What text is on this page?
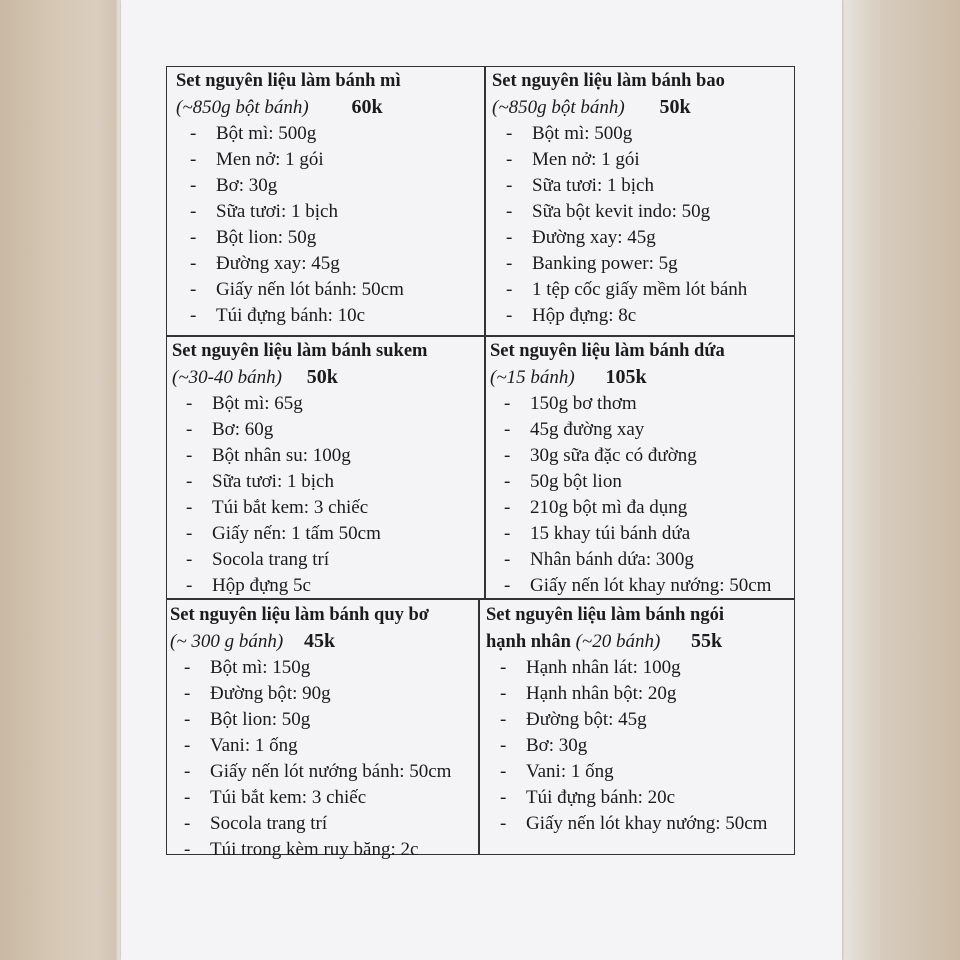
Set nguyên liệu làm bánh mì
(~850g bột bánh) 60k
- Bột mì: 500g
- Men nở: 1 gói
- Bơ: 30g
- Sữa tươi: 1 bịch
- Bột lion: 50g
- Đường xay: 45g
- Giấy nến lót bánh: 50cm
- Túi đựng bánh: 10c
Set nguyên liệu làm bánh bao
(~850g bột bánh) 50k
- Bột mì: 500g
- Men nở: 1 gói
- Sữa tươi: 1 bịch
- Sữa bột kevit indo: 50g
- Đường xay: 45g
- Banking power: 5g
- 1 tệp cốc giấy mềm lót bánh
- Hộp đựng: 8c
Set nguyên liệu làm bánh sukem
(~30-40 bánh) 50k
- Bột mì: 65g
- Bơ: 60g
- Bột nhân su: 100g
- Sữa tươi: 1 bịch
- Túi bắt kem: 3 chiếc
- Giấy nến: 1 tấm 50cm
- Socola trang trí
- Hộp đựng 5c
Set nguyên liệu làm bánh dứa
(~15 bánh) 105k
- 150g bơ thơm
- 45g đường xay
- 30g sữa đặc có đường
- 50g bột lion
- 210g bột mì đa dụng
- 15 khay túi bánh dứa
- Nhân bánh dứa: 300g
- Giấy nến lót khay nướng: 50cm
Set nguyên liệu làm bánh quy bơ
(~ 300 g bánh) 45k
- Bột mì: 150g
- Đường bột: 90g
- Bột lion: 50g
- Vani: 1 ống
- Giấy nến lót nướng bánh: 50cm
- Túi bắt kem: 3 chiếc
- Socola trang trí
- Túi trong kèm ruy băng: 2c
Set nguyên liệu làm bánh ngói
hạnh nhân (~20 bánh) 55k
- Hạnh nhân lát: 100g
- Hạnh nhân bột: 20g
- Đường bột: 45g
- Bơ: 30g
- Vani: 1 ống
- Túi đựng bánh: 20c
- Giấy nến lót khay nướng: 50cm
